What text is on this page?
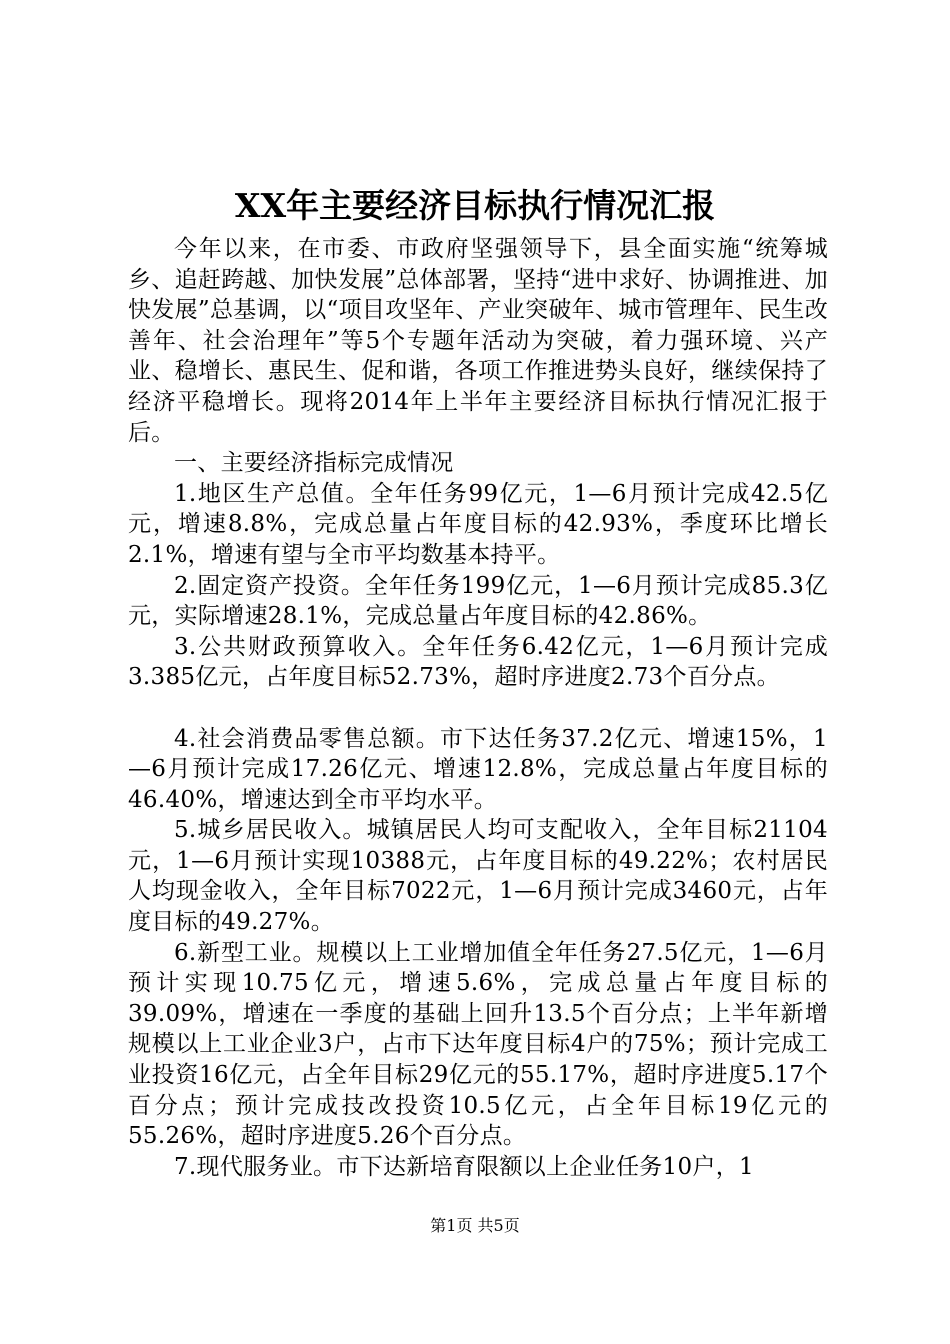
XX年主要经济目标执行情况汇报

今年以来，在市委、市政府坚强领导下，县全面实施“统筹城乡、追赶跨越、加快发展”总体部署，坚持“进中求好、协调推进、加快发展”总基调，以“项目攻坚年、产业突破年、城市管理年、民生改善年、社会治理年”等5个专题年活动为突破，着力强环境、兴产业、稳增长、惠民生、促和谐，各项工作推进势头良好，继续保持了经济平稳增长。现将2014年上半年主要经济目标执行情况汇报于后。

一、主要经济指标完成情况

1.地区生产总值。全年任务99亿元，1—6月预计完成42.5亿元，增速8.8%，完成总量占年度目标的42.93%，季度环比增长2.1%，增速有望与全市平均数基本持平。

2.固定资产投资。全年任务199亿元，1—6月预计完成85.3亿元，实际增速28.1%，完成总量占年度目标的42.86%。

3.公共财政预算收入。全年任务6.42亿元，1—6月预计完成3.385亿元，占年度目标52.73%，超时序进度2.73个百分点。

4.社会消费品零售总额。市下达任务37.2亿元、增速15%，1—6月预计完成17.26亿元、增速12.8%，完成总量占年度目标的46.40%，增速达到全市平均水平。

5.城乡居民收入。城镇居民人均可支配收入，全年目标21104元，1—6月预计实现10388元，占年度目标的49.22%；农村居民人均现金收入，全年目标7022元，1—6月预计完成3460元，占年度目标的49.27%。

6.新型工业。规模以上工业增加值全年任务27.5亿元，1—6月预计实现10.75亿元，增速5.6%，完成总量占年度目标的39.09%，增速在一季度的基础上回升13.5个百分点；上半年新增规模以上工业企业3户，占市下达年度目标4户的75%；预计完成工业投资16亿元，占全年目标29亿元的55.17%，超时序进度5.17个百分点；预计完成技改投资10.5亿元，占全年目标19亿元的55.26%，超时序进度5.26个百分点。

7.现代服务业。市下达新培育限额以上企业任务10户，1

第1页 共5页
